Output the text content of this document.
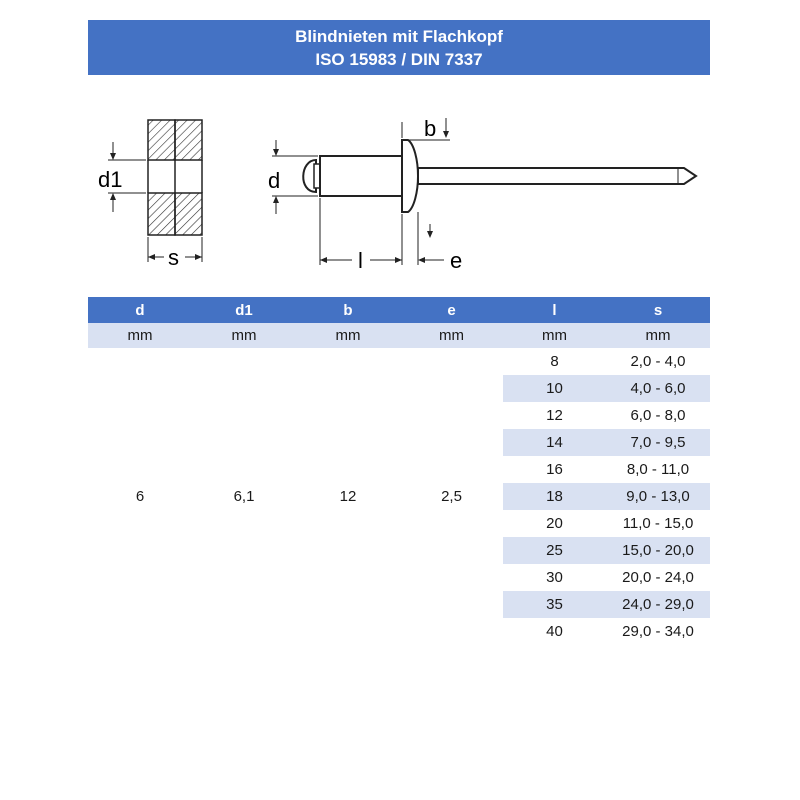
Blindnieten mit Flachkopf
ISO 15983 / DIN 7337
d1
s
d
b
l	e
d	d1	b	e	l	s
mm	mm	mm	mm	mm	mm
6	6,1	12	2,5	8	2,0 - 4,0
				10	4,0 - 6,0
				12	6,0 - 8,0
				14	7,0 - 9,5
				16	8,0 - 11,0
				18	9,0 - 13,0
				20	11,0 - 15,0
				25	15,0 - 20,0
				30	20,0 - 24,0
				35	24,0 - 29,0
				40	29,0 - 34,0
